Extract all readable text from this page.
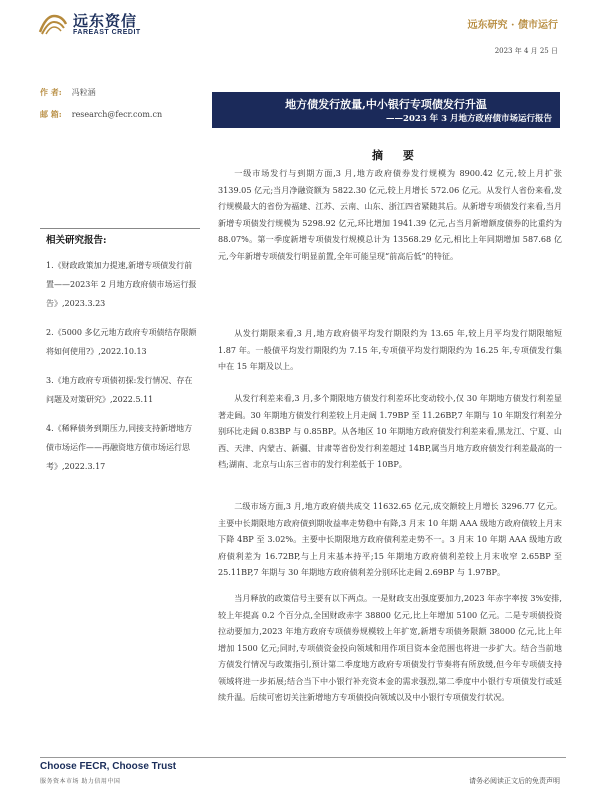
远东资信
FAREAST CREDIT
远东研究 · 债市运行
2023 年 4 月 25 日
作 者: 冯粒涵
邮 箱: research@fecr.com.cn
地方债发行放量,中小银行专项债发行升温
——2023 年 3 月地方政府债市场运行报告
相关研究报告:
1.《财政政策加力提速,新增专项债发行前置——2023年 2 月地方政府债市场运行报告》,2023.3.23
2.《5000 多亿元地方政府专项债结存限额将如何使用?》,2022.10.13
3.《地方政府专项债初探:发行情况、存在问题及对策研究》,2022.5.11
4.《稀释债务到期压力,同接支持新增地方债市场运作——再融资地方债市场运行思考》,2022.3.17
摘 要

一级市场发行与到期方面,3 月,地方政府债券发行规模为 8900.42 亿元,较上月扩张 3139.05 亿元;当月净融资额为 5822.30 亿元,较上月增长 572.06 亿元。从发行人省份来看,发行规模最大的省份为福建、江苏、云南、山东、浙江四省紧随其后。从新增专项债发行来看,当月新增专项债发行规模为 5298.92 亿元,环比增加 1941.39 亿元,占当月新增额度债券的比重约为 88.07%。第一季度新增专项债发行规模总计为 13568.29 亿元,相比上年同期增加 587.68 亿元,今年新增专项债发行明显前置,全年可能呈现“前高后低”的特征。

从发行期限来看,3 月,地方政府债平均发行期限约为 13.65 年,较上月平均发行期限缩短 1.87 年。一般债平均发行期限约为 7.15 年,专项债平均发行期限约为 16.25 年,专项债发行集中在 15 年期及以上。

从发行利差来看,3 月,多个期限地方债发行利差环比变动较小,仅 30 年期地方债发行利差显著走阔。30 年期地方债发行利差较上月走阔 1.79BP 至 11.26BP,7 年期与 10 年期发行利差分别环比走阔 0.83BP 与 0.85BP。从各地区 10 年期地方政府债发行利差来看,黑龙江、宁夏、山西、天津、内蒙古、新疆、甘肃等省份发行利差超过 14BP,属当月地方政府债发行利差最高的一档;湖南、北京与山东三省市的发行利差低于 10BP。

二级市场方面,3 月,地方政府债共成交 11632.65 亿元,成交额较上月增长 3296.77 亿元。主要中长期限地方政府债到期收益率走势稳中有降,3 月末 10 年期 AAA 级地方政府债较上月末下降 4BP 至 3.02%。主要中长期限地方政府债利差走势不一。3 月末 10 年期 AAA 级地方政府债利差为 16.72BP,与上月末基本持平;15 年期地方政府债利差较上月末收窄 2.65BP 至 25.11BP,7 年期与 30 年期地方政府债利差分别环比走阔 2.69BP 与 1.97BP。

当月释放的政策信号主要有以下两点。一是财政支出强度要加力,2023 年赤字率按 3%安排,较上年提高 0.2 个百分点,全国财政赤字 38800 亿元,比上年增加 5100 亿元。二是专项债投资拉动要加力,2023 年地方政府专项债券规模较上年扩宽,新增专项债务限额 38000 亿元,比上年增加 1500 亿元;同时,专项债资金投向领域和用作项目资本金范围也将进一步扩大。结合当前地方债发行情况与政策指引,预计第二季度地方政府专项债发行节奏将有所放缓,但今年专项债支持领域将进一步拓展;结合当下中小银行补充资本金的需求强烈,第二季度中小银行专项债发行或延续升温。后续可密切关注新增地方专项债投向领域以及中小银行专项债发行状况。

Choose FECR, Choose Trust
服务资本市场 助力信用中国	请务必阅读正文后的免责声明
